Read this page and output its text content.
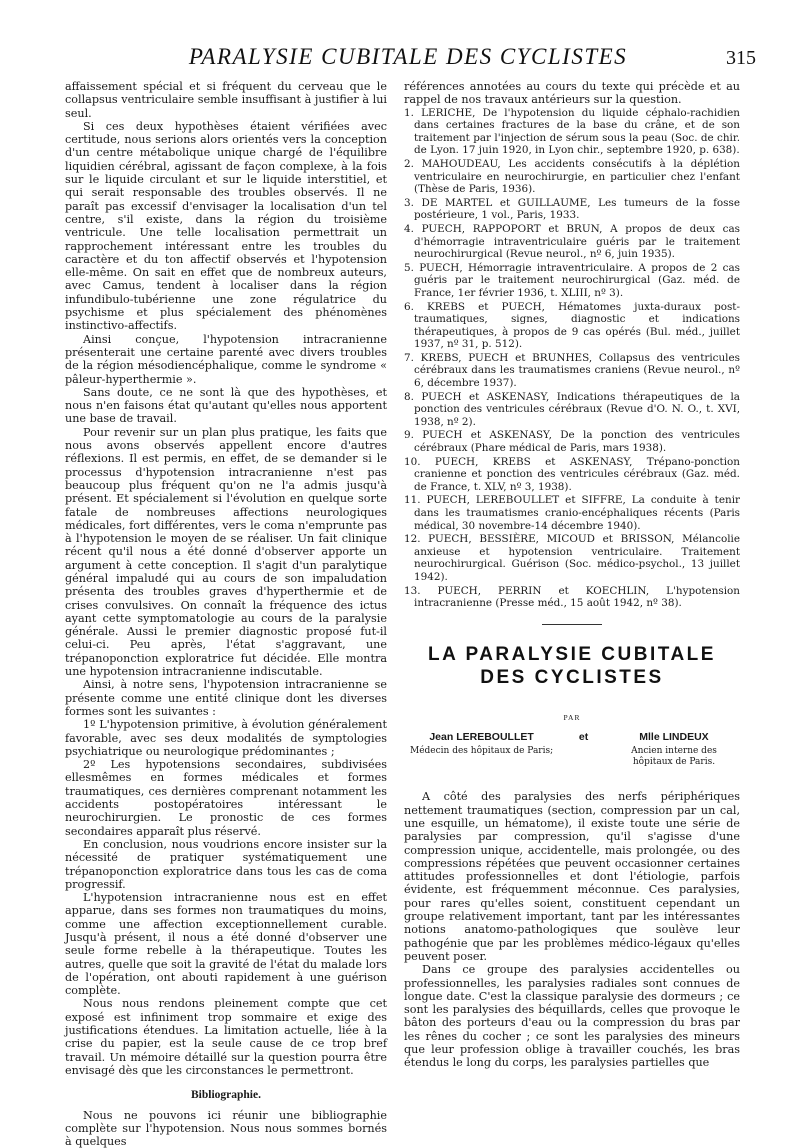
PARALYSIE CUBITALE DES CYCLISTES	315

affaissement spécial et si fréquent du cerveau que le collapsus ventriculaire semble insuffisant à justifier à lui seul.

Si ces deux hypothèses étaient vérifiées avec certitude, nous serions alors orientés vers la conception d'un centre métabolique unique chargé de l'équilibre liquidien cérébral, agissant de façon complexe, à la fois sur le liquide circulant et sur le liquide interstitiel, et qui serait responsable des troubles observés. Il ne paraît pas excessif d'envisager la localisation d'un tel centre, s'il existe, dans la région du troisième ventricule. Une telle localisation permettrait un rapprochement intéressant entre les troubles du caractère et du ton affectif observés et l'hypotension elle-même. On sait en effet que de nombreux auteurs, avec Camus, tendent à localiser dans la région infundibulo-tubérienne une zone régulatrice du psychisme et plus spécialement des phénomènes instinctivo-affectifs.

Ainsi conçue, l'hypotension intracranienne présenterait une certaine parenté avec divers troubles de la région mésodiencéphalique, comme le syndrome « pâleur-hyperthermie ».

Sans doute, ce ne sont là que des hypothèses, et nous n'en faisons état qu'autant qu'elles nous apportent une base de travail.

Pour revenir sur un plan plus pratique, les faits que nous avons observés appellent encore d'autres réflexions. Il est permis, en effet, de se demander si le processus d'hypotension intracranienne n'est pas beaucoup plus fréquent qu'on ne l'a admis jusqu'à présent. Et spécialement si l'évolution en quelque sorte fatale de nombreuses affections neurologiques médicales, fort différentes, vers le coma n'emprunte pas à l'hypotension le moyen de se réaliser. Un fait clinique récent qu'il nous a été donné d'observer apporte un argument à cette conception. Il s'agit d'un paralytique général impaludé qui au cours de son impaludation présenta des troubles graves d'hyperthermie et de crises convulsives. On connaît la fréquence des ictus ayant cette symptomatologie au cours de la paralysie générale. Aussi le premier diagnostic proposé fut-il celui-ci. Peu après, l'état s'aggravant, une trépanoponction exploratrice fut décidée. Elle montra une hypotension intracranienne indiscutable.

Ainsi, à notre sens, l'hypotension intracranienne se présente comme une entité clinique dont les diverses formes sont les suivantes :

1º L'hypotension primitive, à évolution généralement favorable, avec ses deux modalités de symptologies psychiatrique ou neurologique prédominantes ;

2º Les hypotensions secondaires, subdivisées ellesmêmes en formes médicales et formes traumatiques, ces dernières comprenant notamment les accidents postopératoires intéressant le neurochirurgien. Le pronostic de ces formes secondaires apparaît plus réservé.

En conclusion, nous voudrions encore insister sur la nécessité de pratiquer systématiquement une trépanoponction exploratrice dans tous les cas de coma progressif.

L'hypotension intracranienne nous est en effet apparue, dans ses formes non traumatiques du moins, comme une affection exceptionnellement curable. Jusqu'à présent, il nous a été donné d'observer une seule forme rebelle à la thérapeutique. Toutes les autres, quelle que soit la gravité de l'état du malade lors de l'opération, ont abouti rapidement à une guérison complète.

Nous nous rendons pleinement compte que cet exposé est infiniment trop sommaire et exige des justifications étendues. La limitation actuelle, liée à la crise du papier, est la seule cause de ce trop bref travail. Un mémoire détaillé sur la question pourra être envisagé dès que les circonstances le permettront.

Bibliographie.

Nous ne pouvons ici réunir une bibliographie complète sur l'hypotension. Nous nous sommes bornés à quelques

références annotées au cours du texte qui précède et au rappel de nos travaux antérieurs sur la question.

1. LERICHE, De l'hypotension du liquide céphalo-rachidien dans certaines fractures de la base du crâne, et de son traitement par l'injection de sérum sous la peau (Soc. de chir. de Lyon. 17 juin 1920, in Lyon chir., septembre 1920, p. 638).
2. MAHOUDEAU, Les accidents consécutifs à la déplétion ventriculaire en neurochirurgie, en particulier chez l'enfant (Thèse de Paris, 1936).
3. DE MARTEL et GUILLAUME, Les tumeurs de la fosse postérieure, 1 vol., Paris, 1933.
4. PUECH, RAPPOPORT et BRUN, A propos de deux cas d'hémorragie intraventriculaire guéris par le traitement neurochirurgical (Revue neurol., nº 6, juin 1935).
5. PUECH, Hémorragie intraventriculaire. A propos de 2 cas guéris par le traitement neurochirurgical (Gaz. méd. de France, 1er février 1936, t. XLIII, nº 3).
6. KREBS et PUECH, Hématomes juxta-duraux post-traumatiques, signes, diagnostic et indications thérapeutiques, à propos de 9 cas opérés (Bul. méd., juillet 1937, nº 31, p. 512).
7. KREBS, PUECH et BRUNHES, Collapsus des ventricules cérébraux dans les traumatismes craniens (Revue neurol., nº 6, décembre 1937).
8. PUECH et ASKENASY, Indications thérapeutiques de la ponction des ventricules cérébraux (Revue d'O. N. O., t. XVI, 1938, nº 2).
9. PUECH et ASKENASY, De la ponction des ventricules cérébraux (Phare médical de Paris, mars 1938).
10. PUECH, KREBS et ASKENASY, Trépano-ponction cranienne et ponction des ventricules cérébraux (Gaz. méd. de France, t. XLV, nº 3, 1938).
11. PUECH, LEREBOULLET et SIFFRE, La conduite à tenir dans les traumatismes cranio-encéphaliques récents (Paris médical, 30 novembre-14 décembre 1940).
12. PUECH, BESSIÈRE, MICOUD et BRISSON, Mélancolie anxieuse et hypotension ventriculaire. Traitement neurochirurgical. Guérison (Soc. médico-psychol., 13 juillet 1942).
13. PUECH, PERRIN et KOECHLIN, L'hypotension intracranienne (Presse méd., 15 août 1942, nº 38).
LA PARALYSIE CUBITALE
DES CYCLISTES
PAR
Jean LEREBOULLET
Médecin des hôpitaux de Paris;
et	Mlle LINDEUX
Ancien interne des hôpitaux de Paris.

A côté des paralysies des nerfs périphériques nettement traumatiques (section, compression par un cal, une esquille, un hématome), il existe toute une série de paralysies par compression, qu'il s'agisse d'une compression unique, accidentelle, mais prolongée, ou des compressions répétées que peuvent occasionner certaines attitudes professionnelles et dont l'étiologie, parfois évidente, est fréquemment méconnue. Ces paralysies, pour rares qu'elles soient, constituent cependant un groupe relativement important, tant par les intéressantes notions anatomo-pathologiques que soulève leur pathogénie que par les problèmes médico-légaux qu'elles peuvent poser.

Dans ce groupe des paralysies accidentelles ou professionnelles, les paralysies radiales sont connues de longue date. C'est la classique paralysie des dormeurs ; ce sont les paralysies des béquillards, celles que provoque le bâton des porteurs d'eau ou la compression du bras par les rênes du cocher ; ce sont les paralysies des mineurs que leur profession oblige à travailler couchés, les bras étendus le long du corps, les paralysies partielles que
